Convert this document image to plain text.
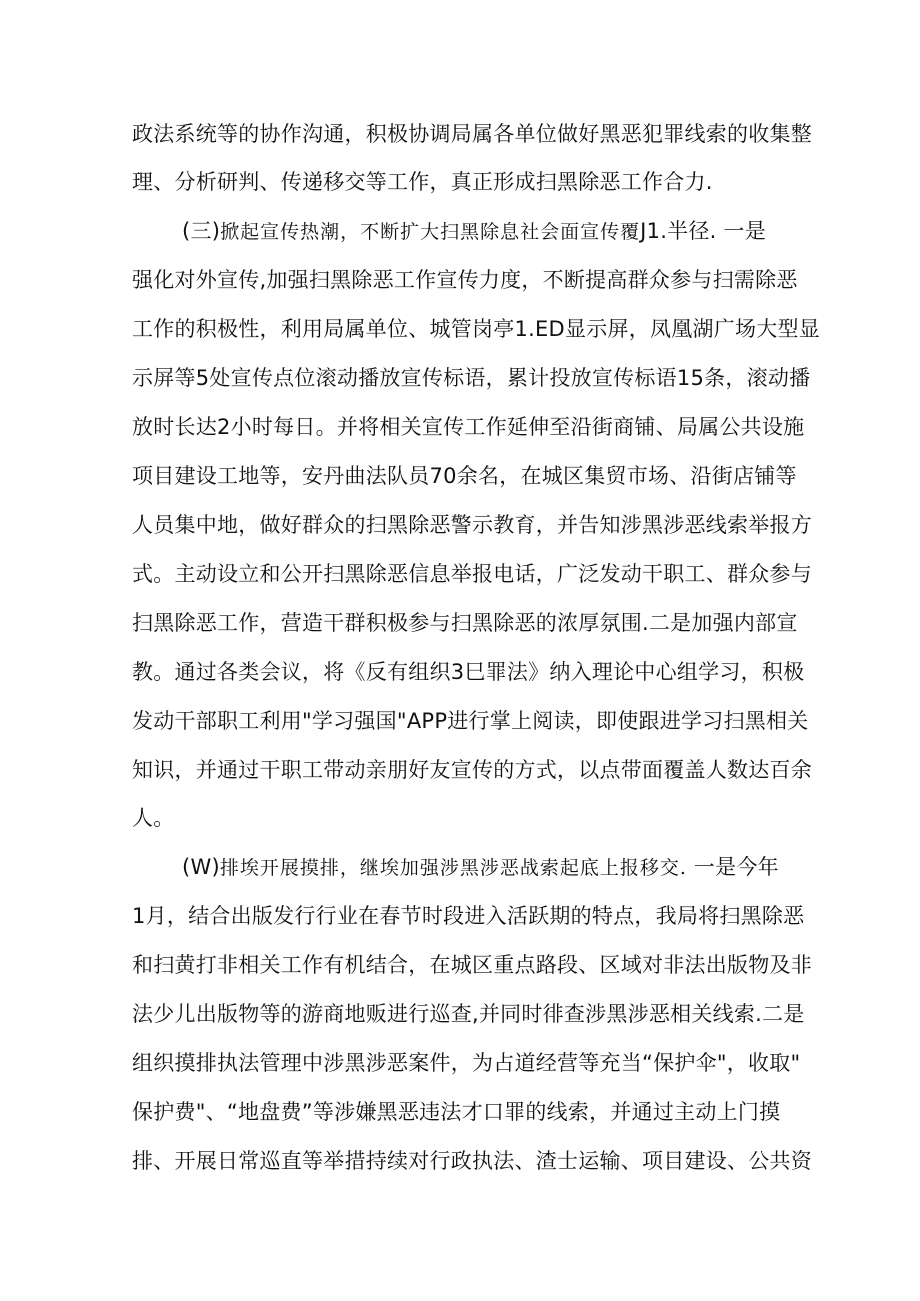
政法系统等的协作沟通，积极协调局属各单位做好黑恶犯罪线索的收集整
理、分析研判、传递移交等工作，真正形成扫黑除恶工作合力.
(三)掀起宣传热潮，不断扩大扫黑除息社会面宣传覆J1.半径. 一是
强化对外宣传,加强扫黑除恶工作宣传力度，不断提高群众参与扫需除恶
工作的积极性，利用局属单位、城管岗亭1.ED显示屏，凤凰湖广场大型显
示屏等5处宣传点位滚动播放宣传标语，累计投放宣传标语15条，滚动播
放时长达2小时每日。并将相关宣传工作延伸至沿街商铺、局属公共设施
项目建设工地等，安丹曲法队员70余名，在城区集贸市场、沿街店铺等
人员集中地，做好群众的扫黑除恶警示教育，并告知涉黑涉恶线索举报方
式。主动设立和公开扫黑除恶信息举报电话，广泛发动干职工、群众参与
扫黑除恶工作，营造干群积极参与扫黑除恶的浓厚氛围.二是加强内部宣
教。通过各类会议，将《反有组织3巳罪法》纳入理论中心组学习，积极
发动干部职工利用"学习强国"APP进行掌上阅读，即使跟进学习扫黑相关
知识，并通过干职工带动亲朋好友宣传的方式，以点带面覆盖人数达百余
人。
(W)排埃开展摸排，继埃加强涉黑涉恶战索起底上报移交. 一是今年
1月，结合出版发行行业在春节时段进入活跃期的特点，我局将扫黑除恶
和扫黄打非相关工作有机结合，在城区重点路段、区域对非法出版物及非
法少儿出版物等的游商地贩进行巡查,并同时徘查涉黑涉恶相关线索.二是
组织摸排执法管理中涉黑涉恶案件，为占道经营等充当“保护伞"，收取"
保护费"、“地盘费”等涉嫌黑恶违法才口罪的线索，并通过主动上门摸
排、开展日常巡直等举措持续对行政执法、渣士运输、项目建设、公共资
